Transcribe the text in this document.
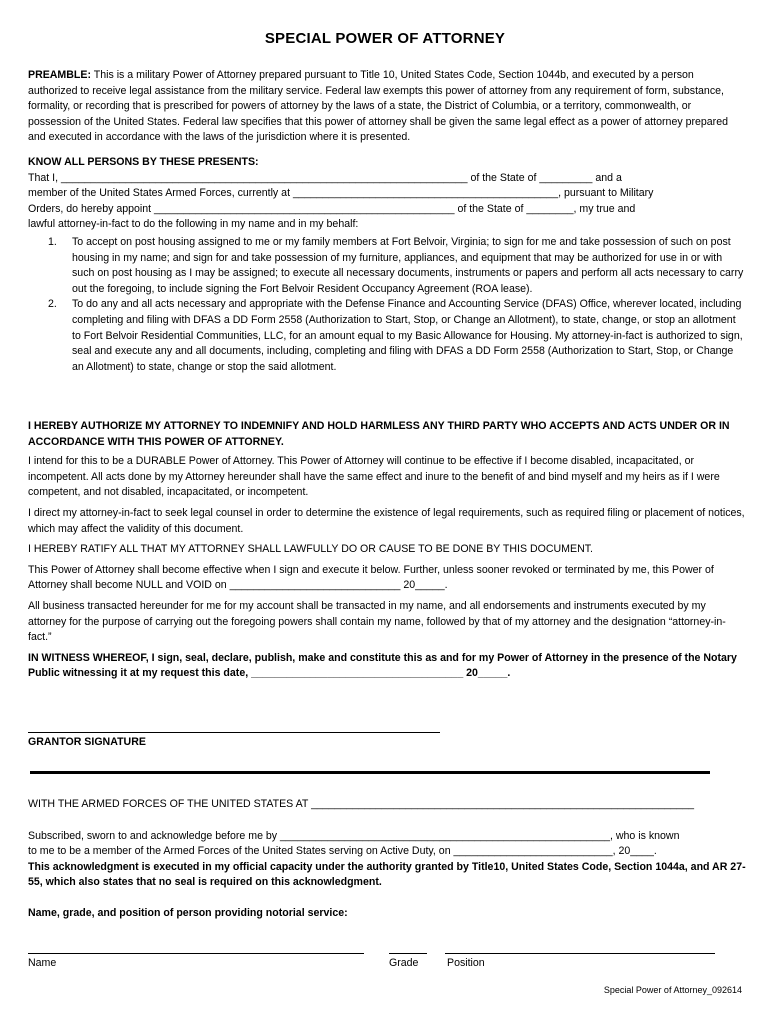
SPECIAL POWER OF ATTORNEY

PREAMBLE: This is a military Power of Attorney prepared pursuant to Title 10, United States Code, Section 1044b, and executed by a person authorized to receive legal assistance from the military service. Federal law exempts this power of attorney from any requirement of form, substance, formality, or recording that is prescribed for powers of attorney by the laws of a state, the District of Columbia, or a territory, commonwealth, or possession of the United States. Federal law specifies that this power of attorney shall be given the same legal effect as a power of attorney prepared and executed in accordance with the laws of the jurisdiction where it is presented.

KNOW ALL PERSONS BY THESE PRESENTS:

That I, _____________________________________________________________________ of the State of _________ and a
member of the United States Armed Forces, currently at _____________________________________________, pursuant to Military
Orders, do hereby appoint ___________________________________________________ of the State of ________, my true and
lawful attorney-in-fact to do the following in my name and in my behalf:
1. To accept on post housing assigned to me or my family members at Fort Belvoir, Virginia; to sign for me and take possession of such on post housing in my name; and sign for and take possession of my furniture, appliances, and equipment that may be authorized for use in or with such on post housing as I may be assigned; to execute all necessary documents, instruments or papers and perform all acts necessary to carry out the foregoing, to include signing the Fort Belvoir Resident Occupancy Agreement (ROA lease).
2. To do any and all acts necessary and appropriate with the Defense Finance and Accounting Service (DFAS) Office, wherever located, including completing and filing with DFAS a DD Form 2558 (Authorization to Start, Stop, or Change an Allotment), to state, change, or stop an allotment to Fort Belvoir Residential Communities, LLC, for an amount equal to my Basic Allowance for Housing. My attorney-in-fact is authorized to sign, seal and execute any and all documents, including, completing and filing with DFAS a DD Form 2558 (Authorization to Start, Stop, or Change an Allotment) to state, change or stop the said allotment.

I HEREBY AUTHORIZE MY ATTORNEY TO INDEMNIFY AND HOLD HARMLESS ANY THIRD PARTY WHO ACCEPTS AND ACTS UNDER OR IN ACCORDANCE WITH THIS POWER OF ATTORNEY.

I intend for this to be a DURABLE Power of Attorney. This Power of Attorney will continue to be effective if I become disabled, incapacitated, or incompetent. All acts done by my Attorney hereunder shall have the same effect and inure to the benefit of and bind myself and my heirs as if I were competent, and not disabled, incapacitated, or incompetent.

I direct my attorney-in-fact to seek legal counsel in order to determine the existence of legal requirements, such as required filing or placement of notices, which may affect the validity of this document.

I HEREBY RATIFY ALL THAT MY ATTORNEY SHALL LAWFULLY DO OR CAUSE TO BE DONE BY THIS DOCUMENT.

This Power of Attorney shall become effective when I sign and execute it below. Further, unless sooner revoked or terminated by me, this Power of Attorney shall become NULL and VOID on _____________________________ 20_____.

All business transacted hereunder for me for my account shall be transacted in my name, and all endorsements and instruments executed by my attorney for the purpose of carrying out the foregoing powers shall contain my name, followed by that of my attorney and the designation “attorney-in-fact.”

IN WITNESS WHEREOF, I sign, seal, declare, publish, make and constitute this as and for my Power of Attorney in the presence of the Notary Public witnessing it at my request this date, ____________________________________ 20_____.

GRANTOR SIGNATURE
WITH THE ARMED FORCES OF THE UNITED STATES AT _________________________________________________________________
Subscribed, sworn to and acknowledge before me by ________________________________________________________, who is known
to me to be a member of the Armed Forces of the United States serving on Active Duty, on ___________________________, 20____.

This acknowledgment is executed in my official capacity under the authority granted by Title10, United States Code, Section 1044a, and AR 27-55, which also states that no seal is required on this acknowledgment.

Name, grade, and position of person providing notorial service:

Name	Grade	Position
Special Power of Attorney_092614
